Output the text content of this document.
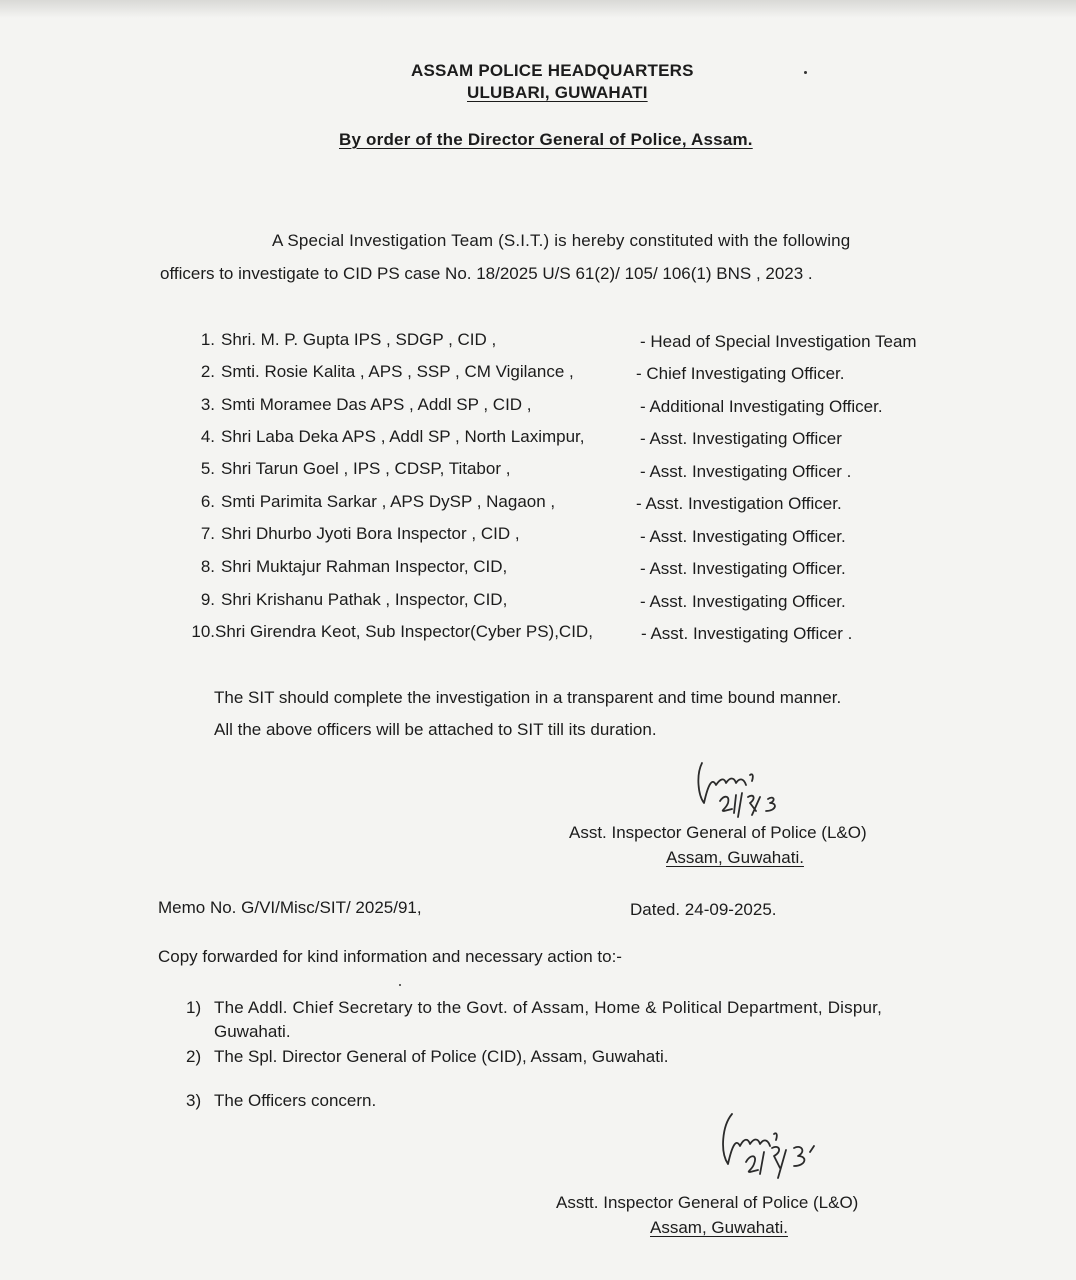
ASSAM POLICE HEADQUARTERS
ULUBARI, GUWAHATI
By order of the Director General of Police, Assam.
A Special Investigation Team (S.I.T.) is hereby constituted with the following
officers to investigate to CID PS case No. 18/2025 U/S 61(2)/ 105/ 106(1) BNS , 2023 .
1. Shri. M. P. Gupta IPS , SDGP , CID ,	- Head of Special Investigation Team
2. Smti. Rosie Kalita , APS , SSP , CM Vigilance ,	- Chief Investigating Officer.
3. Smti Moramee Das APS , Addl SP , CID ,	- Additional Investigating Officer.
4. Shri Laba Deka APS , Addl SP , North Laximpur,	- Asst. Investigating Officer
5. Shri Tarun Goel , IPS , CDSP, Titabor ,	- Asst. Investigating Officer .
6. Smti Parimita Sarkar , APS DySP , Nagaon ,	- Asst. Investigation Officer.
7. Shri Dhurbo Jyoti Bora Inspector , CID ,	- Asst. Investigating Officer.
8. Shri Muktajur Rahman Inspector, CID,	- Asst. Investigating Officer.
9. Shri Krishanu Pathak , Inspector, CID,	- Asst. Investigating Officer.
10.Shri Girendra Keot, Sub Inspector(Cyber PS),CID,	- Asst. Investigating Officer .
The SIT should complete the investigation in a transparent and time bound manner.
All the above officers will be attached to SIT till its duration.
Asst. Inspector General of Police (L&O)
Assam, Guwahati.
Memo No. G/VI/Misc/SIT/ 2025/91,	Dated. 24-09-2025.
Copy forwarded for kind information and necessary action to:-
1) The Addl. Chief Secretary to the Govt. of Assam, Home & Political Department, Dispur,
Guwahati.
2) The Spl. Director General of Police (CID), Assam, Guwahati.
3) The Officers concern.
Asstt. Inspector General of Police (L&O)
Assam, Guwahati.
